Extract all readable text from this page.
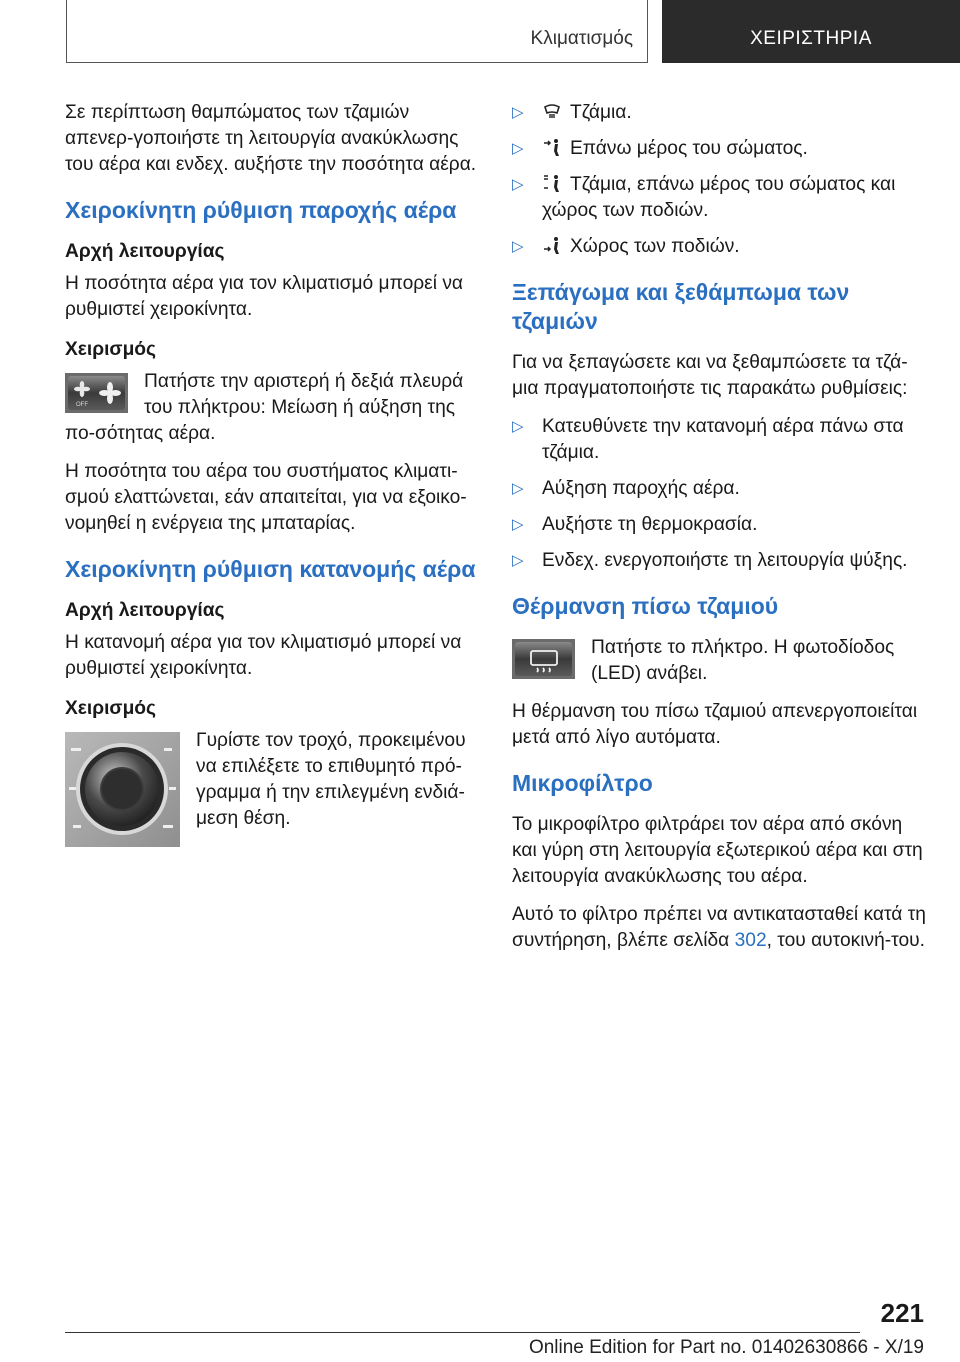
Κλιματισμός	ΧΕΙΡΙΣΤΗΡΙΑ

Σε περίπτωση θαμπώματος των τζαμιών απενερ-γοποιήστε τη λειτουργία ανακύκλωσης του αέρα και ενδεχ. αυξήστε την ποσότητα αέρα.

Χειροκίνητη ρύθμιση παροχής αέρα
Αρχή λειτουργίας

Η ποσότητα αέρα για τον κλιματισμό μπορεί να ρυθμιστεί χειροκίνητα.

Χειρισμός
OFF

Πατήστε την αριστερή ή δεξιά πλευρά του πλήκτρου: Μείωση ή αύξηση της πο-σότητας αέρα.

Η ποσότητα του αέρα του συστήματος κλιματι-σμού ελαττώνεται, εάν απαιτείται, για να εξοικο-νομηθεί η ενέργεια της μπαταρίας.

Χειροκίνητη ρύθμιση κατανομής αέρα
Αρχή λειτουργίας

Η κατανομή αέρα για τον κλιματισμό μπορεί να ρυθμιστεί χειροκίνητα.

Χειρισμός

Γυρίστε τον τροχό, προκειμένου να επιλέξετε το επιθυμητό πρό-γραμμα ή την επιλεγμένη ενδιά-μεση θέση.

▷ Τζάμια.
▷ Επάνω μέρος του σώματος.
▷ Τζάμια, επάνω μέρος του σώματος και χώρος των ποδιών.
▷ Χώρος των ποδιών.
Ξεπάγωμα και ξεθάμπωμα των τζαμιών

Για να ξεπαγώσετε και να ξεθαμπώσετε τα τζά-μια πραγματοποιήστε τις παρακάτω ρυθμίσεις:

▷ Κατευθύνετε την κατανομή αέρα πάνω στα τζάμια.
▷ Αύξηση παροχής αέρα.
▷ Αυξήστε τη θερμοκρασία.
▷ Ενδεχ. ενεργοποιήστε τη λειτουργία ψύξης.
Θέρμανση πίσω τζαμιού

Πατήστε το πλήκτρο. Η φωτοδίοδος (LED) ανάβει.

Η θέρμανση του πίσω τζαμιού απενεργοποιείται μετά από λίγο αυτόματα.

Μικροφίλτρο

Το μικροφίλτρο φιλτράρει τον αέρα από σκόνη και γύρη στη λειτουργία εξωτερικού αέρα και στη λειτουργία ανακύκλωσης του αέρα.

Αυτό το φίλτρο πρέπει να αντικατασταθεί κατά τη συντήρηση, βλέπε σελίδα 302, του αυτοκινή-του.

221
Online Edition for Part no. 01402630866 - X/19
